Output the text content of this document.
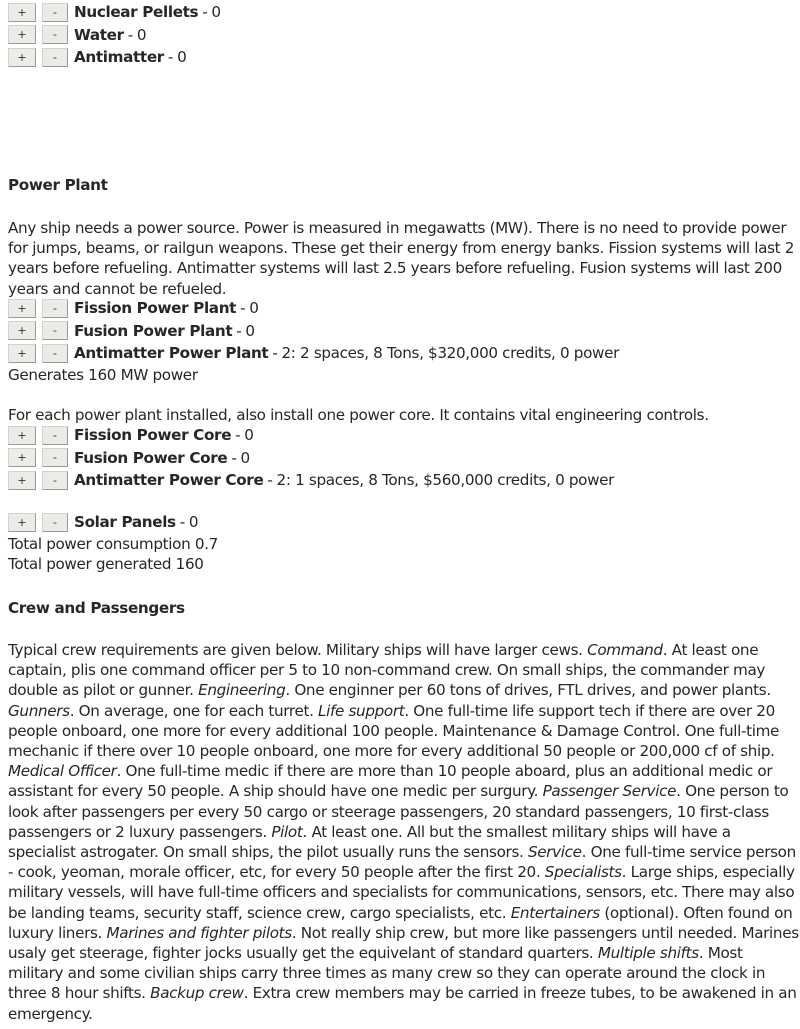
+	-	Nuclear Pellets - 0
+	-	Water - 0
+	-	Antimatter - 0
Power Plant

Any ship needs a power source. Power is measured in megawatts (MW). There is no need to provide power for jumps, beams, or railgun weapons. These get their energy from energy banks. Fission systems will last 2 years before refueling. Antimatter systems will last 2.5 years before refueling. Fusion systems will last 200 years and cannot be refueled.

+	-	Fission Power Plant - 0
+	-	Fusion Power Plant - 0
+	-	Antimatter Power Plant - 2: 2 spaces, 8 Tons, $320,000 credits, 0 power
Generates 160 MW power
For each power plant installed, also install one power core. It contains vital engineering controls.
+	-	Fission Power Core - 0
+	-	Fusion Power Core - 0
+	-	Antimatter Power Core - 2: 1 spaces, 8 Tons, $560,000 credits, 0 power
+	-	Solar Panels - 0
Total power consumption 0.7
Total power generated 160
Crew and Passengers

Typical crew requirements are given below. Military ships will have larger cews. Command. At least one captain, plis one command officer per 5 to 10 non-command crew. On small ships, the commander may double as pilot or gunner. Engineering. One enginner per 60 tons of drives, FTL drives, and power plants. Gunners. On average, one for each turret. Life support. One full-time life support tech if there are over 20 people onboard, one more for every additional 100 people. Maintenance & Damage Control. One full-time mechanic if there over 10 people onboard, one more for every additional 50 people or 200,000 cf of ship. Medical Officer. One full-time medic if there are more than 10 people aboard, plus an additional medic or assistant for every 50 people. A ship should have one medic per surgury. Passenger Service. One person to look after passengers per every 50 cargo or steerage passengers, 20 standard passengers, 10 first-class passengers or 2 luxury passengers. Pilot. At least one. All but the smallest military ships will have a specialist astrogater. On small ships, the pilot usually runs the sensors. Service. One full-time service person - cook, yeoman, morale officer, etc, for every 50 people after the first 20. Specialists. Large ships, especially military vessels, will have full-time officers and specialists for communications, sensors, etc. There may also be landing teams, security staff, science crew, cargo specialists, etc. Entertainers (optional). Often found on luxury liners. Marines and fighter pilots. Not really ship crew, but more like passengers until needed. Marines usaly get steerage, fighter jocks usually get the equivelant of standard quarters. Multiple shifts. Most military and some civilian ships carry three times as many crew so they can operate around the clock in three 8 hour shifts. Backup crew. Extra crew members may be carried in freeze tubes, to be awakened in an emergency.
